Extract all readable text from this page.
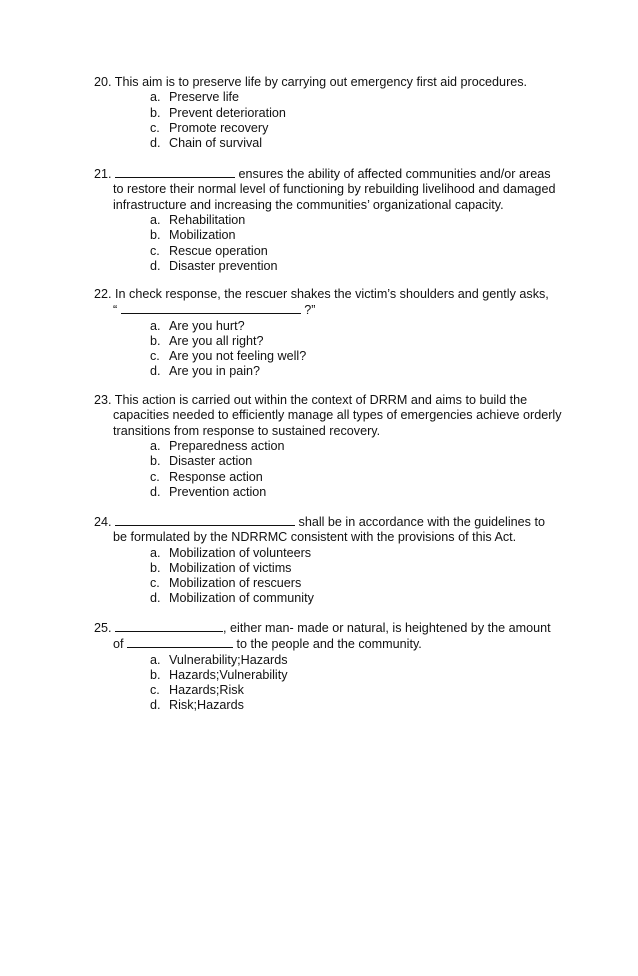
20. This aim is to preserve life by carrying out emergency first aid procedures.
a. Preserve life
b. Prevent deterioration
c. Promote recovery
d. Chain of survival
21.	ensures the ability of affected communities and/or areas
to restore their normal level of functioning by rebuilding livelihood and damaged
infrastructure and increasing the communities’ organizational capacity.
a. Rehabilitation
b. Mobilization
c. Rescue operation
d. Disaster prevention
22. In check response, the rescuer shakes the victim’s shoulders and gently asks,
“	?”
a. Are you hurt?
b. Are you all right?
c. Are you not feeling well?
d. Are you in pain?
23. This action is carried out within the context of DRRM and aims to build the
capacities needed to efficiently manage all types of emergencies achieve orderly
transitions from response to sustained recovery.
a. Preparedness action
b. Disaster action
c. Response action
d. Prevention action
24.	shall be in accordance with the guidelines to
be formulated by the NDRRMC consistent with the provisions of this Act.
a. Mobilization of volunteers
b. Mobilization of victims
c. Mobilization of rescuers
d. Mobilization of community
25.	, either man- made or natural, is heightened by the amount
of	to the people and the community.
a. Vulnerability;Hazards
b. Hazards;Vulnerability
c. Hazards;Risk
d. Risk;Hazards
